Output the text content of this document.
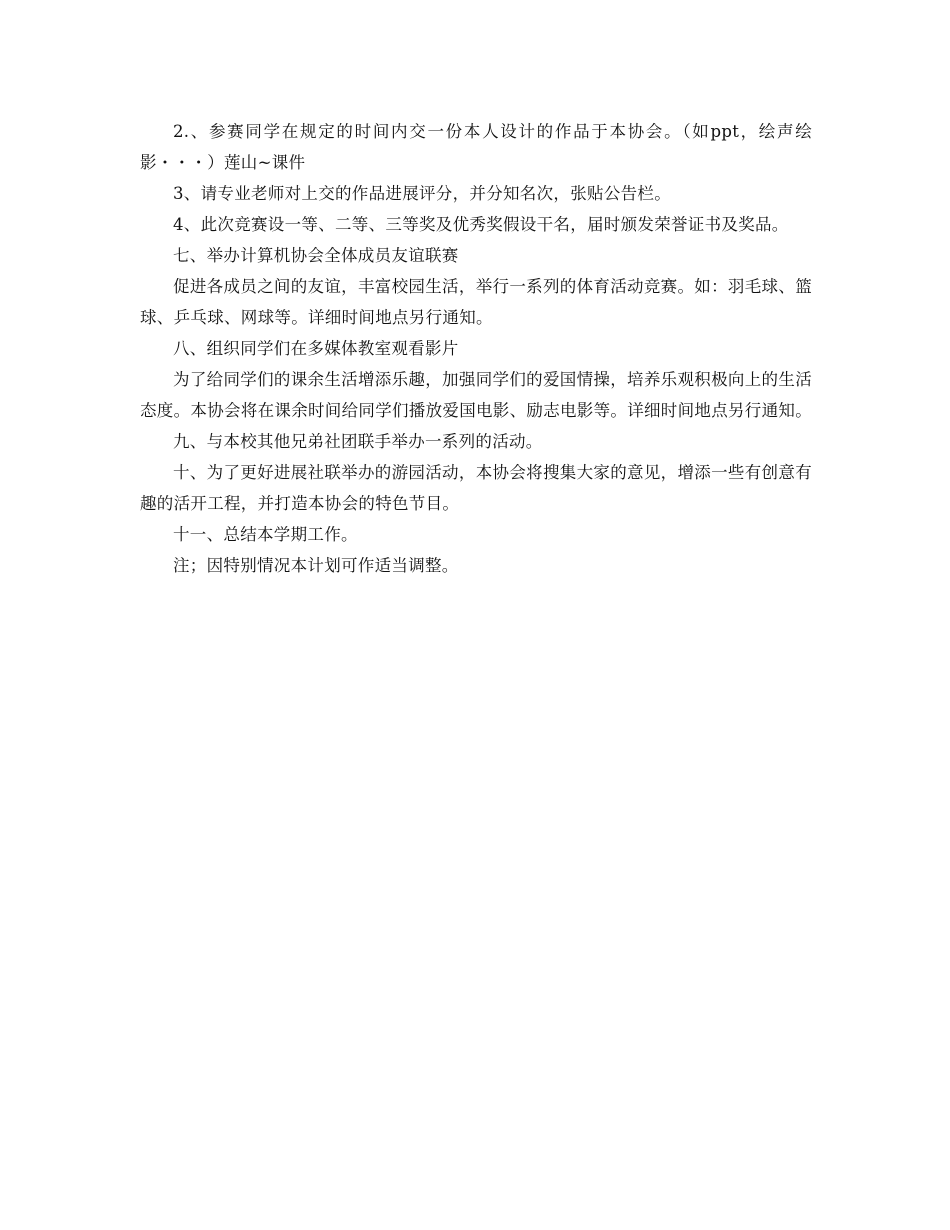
2.、参赛同学在规定的时间内交一份本人设计的作品于本协会。（如ppt，绘声绘影・・・）莲山~课件

3、请专业老师对上交的作品进展评分，并分知名次，张贴公告栏。

4、此次竞赛设一等、二等、三等奖及优秀奖假设干名，届时颁发荣誉证书及奖品。

七、举办计算机协会全体成员友谊联赛

促进各成员之间的友谊，丰富校园生活，举行一系列的体育活动竞赛。如：羽毛球、篮球、乒乓球、网球等。详细时间地点另行通知。

八、组织同学们在多媒体教室观看影片

为了给同学们的课余生活增添乐趣，加强同学们的爱国情操，培养乐观积极向上的生活态度。本协会将在课余时间给同学们播放爱国电影、励志电影等。详细时间地点另行通知。

九、与本校其他兄弟社团联手举办一系列的活动。

十、为了更好进展社联举办的游园活动，本协会将搜集大家的意见，增添一些有创意有趣的活开工程，并打造本协会的特色节目。

十一、总结本学期工作。

注；因特别情况本计划可作适当调整。
